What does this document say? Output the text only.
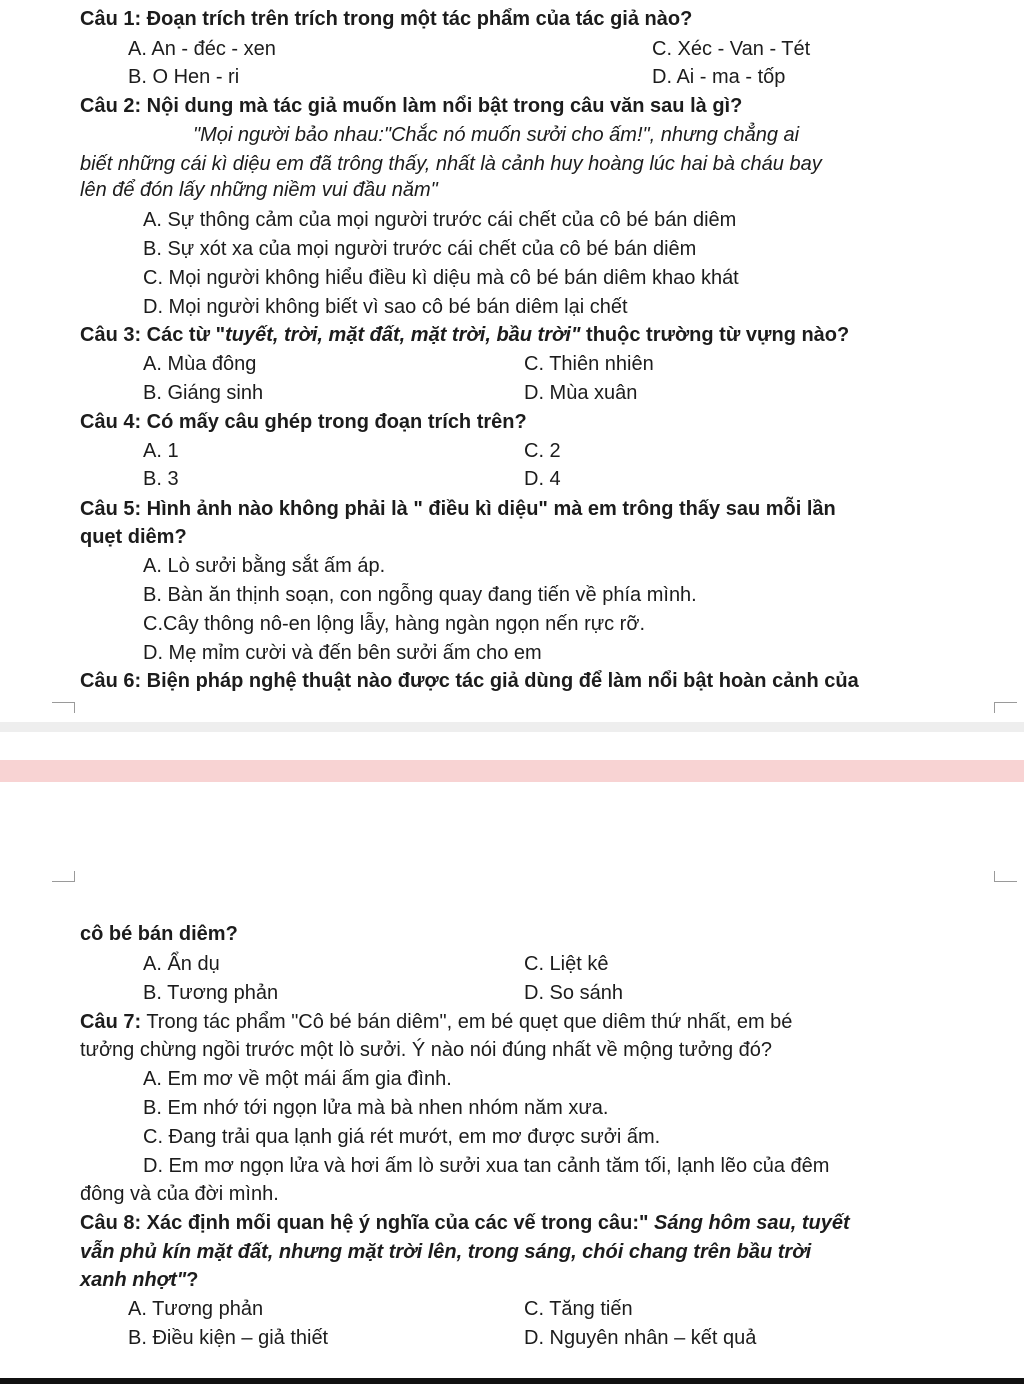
Câu 1: Đoạn trích trên trích trong một tác phẩm của tác giả nào?
A. An - đéc - xen	C. Xéc - Van - Tét
B. O Hen - ri	D. Ai - ma - tốp
Câu 2: Nội dung mà tác giả muốn làm nổi bật trong câu văn sau là gì?
"Mọi người bảo nhau:"Chắc nó muốn sưởi cho ấm!", nhưng chẳng ai
biết những cái kì diệu em đã trông thấy, nhất là cảnh huy hoàng lúc hai bà cháu bay
lên để đón lấy những niềm vui đầu năm"
A. Sự thông cảm của mọi người trước cái chết của cô bé bán diêm
B. Sự xót xa của mọi người trước cái chết của cô bé bán diêm
C. Mọi người không hiểu điều kì diệu mà cô bé bán diêm khao khát
D. Mọi người không biết vì sao cô bé bán diêm lại chết
Câu 3: Các từ "tuyết, trời, mặt đất, mặt trời, bầu trời" thuộc trường từ vựng nào?
A. Mùa đông	C. Thiên nhiên
B. Giáng sinh	D. Mùa xuân
Câu 4: Có mấy câu ghép trong đoạn trích trên?
A. 1	C. 2
B. 3	D. 4
Câu 5: Hình ảnh nào không phải là " điều kì diệu" mà em trông thấy sau mỗi lần
quẹt diêm?
A. Lò sưởi bằng sắt ấm áp.
B. Bàn ăn thịnh soạn, con ngỗng quay đang tiến về phía mình.
C.Cây thông nô-en lộng lẫy, hàng ngàn ngọn nến rực rỡ.
D. Mẹ mỉm cười và đến bên sưởi ấm cho em
Câu 6: Biện pháp nghệ thuật nào được tác giả dùng để làm nổi bật hoàn cảnh của
cô bé bán diêm?
A. Ẩn dụ	C. Liệt kê
B. Tương phản	D. So sánh
Câu 7: Trong tác phẩm "Cô bé bán diêm", em bé quẹt que diêm thứ nhất, em bé
tưởng chừng ngồi trước một lò sưởi. Ý nào nói đúng nhất về mộng tưởng đó?
A. Em mơ về một mái ấm gia đình.
B. Em nhớ tới ngọn lửa mà bà nhen nhóm năm xưa.
C. Đang trải qua lạnh giá rét mướt, em mơ được sưởi ấm.
D. Em mơ ngọn lửa và hơi ấm lò sưởi xua tan cảnh tăm tối, lạnh lẽo của đêm
đông và của đời mình.
Câu 8: Xác định mối quan hệ ý nghĩa của các vế trong câu:" Sáng hôm sau, tuyết
vẫn phủ kín mặt đất, nhưng mặt trời lên, trong sáng, chói chang trên bầu trời
xanh nhợt"?
A. Tương phản	C. Tăng tiến
B. Điều kiện – giả thiết	D. Nguyên nhân – kết quả
